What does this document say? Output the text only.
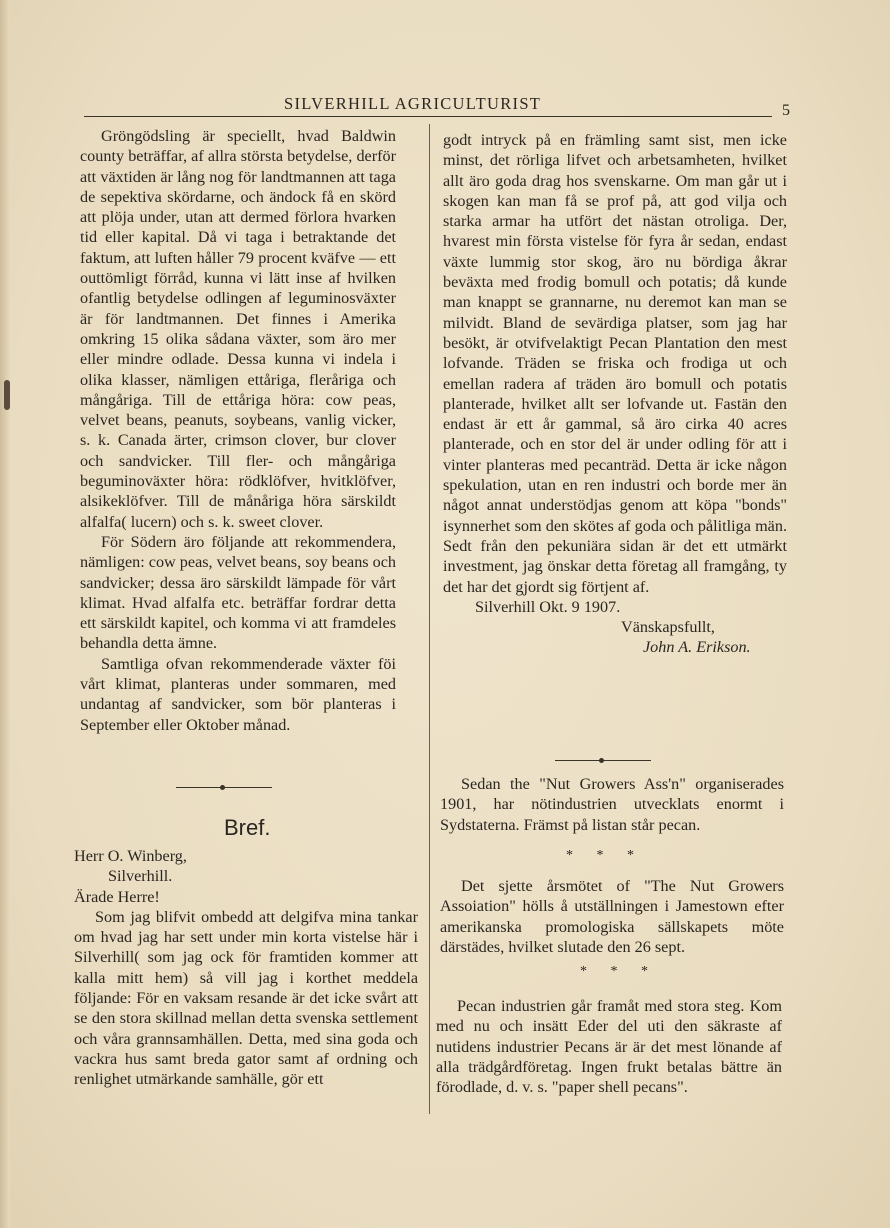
SILVERHILL AGRICULTURIST	5

Gröngödsling är speciellt, hvad Baldwin county beträffar, af allra största betydelse, derför att växtiden är lång nog för landtmannen att taga de sepektiva skördarne, och ändock få en skörd att plöja under, utan att dermed förlora hvarken tid eller kapital. Då vi taga i betraktande det faktum, att luften håller 79 procent kväfve — ett outtömligt förråd, kunna vi lätt inse af hvilken ofantlig betydelse odlingen af leguminosväxter är för landtmannen. Det finnes i Amerika omkring 15 olika sådana växter, som äro mer eller mindre odlade. Dessa kunna vi indela i olika klasser, nämligen ettåriga, fleråriga och mångåriga. Till de ettåriga höra: cow peas, velvet beans, peanuts, soybeans, vanlig vicker, s. k. Canada ärter, crimson clover, bur clover och sandvicker. Till fler- och mångåriga beguminoväxter höra: rödklöfver, hvitklöfver, alsikeklöfver. Till de månåriga höra särskildt alfalfa( lucern) och s. k. sweet clover.

För Södern äro följande att rekommendera, nämligen: cow peas, velvet beans, soy beans och sandvicker; dessa äro särskildt lämpade för vårt klimat. Hvad alfalfa etc. beträffar fordrar detta ett särskildt kapitel, och komma vi att framdeles behandla detta ämne.

Samtliga ofvan rekommenderade växter föi vårt klimat, planteras under sommaren, med undantag af sandvicker, som bör planteras i September eller Oktober månad.

Bref.

Herr O. Winberg,

Silverhill.

Ärade Herre!

Som jag blifvit ombedd att delgifva mina tankar om hvad jag har sett under min korta vistelse här i Silverhill( som jag ock för framtiden kommer att kalla mitt hem) så vill jag i korthet meddela följande: För en vaksam resande är det icke svårt att se den stora skillnad mellan detta svenska settlement och våra grannsamhällen. Detta, med sina goda och vackra hus samt breda gator samt af ordning och renlighet utmärkande samhälle, gör ett

godt intryck på en främling samt sist, men icke minst, det rörliga lifvet och arbetsamheten, hvilket allt äro goda drag hos svenskarne. Om man går ut i skogen kan man få se prof på, att god vilja och starka armar ha utfört det nästan otroliga. Der, hvarest min första vistelse för fyra år sedan, endast växte lummig stor skog, äro nu bördiga åkrar beväxta med frodig bomull och potatis; då kunde man knappt se grannarne, nu deremot kan man se milvidt. Bland de sevärdiga platser, som jag har besökt, är otvifvelaktigt Pecan Plantation den mest lofvande. Träden se friska och frodiga ut och emellan radera af träden äro bomull och potatis planterade, hvilket allt ser lofvande ut. Fastän den endast är ett år gammal, så äro cirka 40 acres planterade, och en stor del är under odling för att i vinter planteras med pecanträd. Detta är icke någon spekulation, utan en ren industri och borde mer än något annat understödjas genom att köpa "bonds" isynnerhet som den skötes af goda och pålitliga män. Sedt från den pekuniära sidan är det ett utmärkt investment, jag önskar detta företag all framgång, ty det har det gjordt sig förtjent af.

Silverhill Okt. 9 1907.

Vänskapsfullt,

John A. Erikson.

Sedan the "Nut Growers Ass'n" organiserades 1901, har nötindustrien utvecklats enormt i Sydstaterna. Främst på listan står pecan.

* * *

Det sjette årsmötet of "The Nut Growers Assoiation" hölls å utställningen i Jamestown efter amerikanska promologiska sällskapets möte därstädes, hvilket slutade den 26 sept.

* * *

Pecan industrien går framåt med stora steg. Kom med nu och insätt Eder del uti den säkraste af nutidens industrier Pecans är är det mest lönande af alla trädgårdföretag. Ingen frukt betalas bättre än förodlade, d. v. s. "paper shell pecans".
